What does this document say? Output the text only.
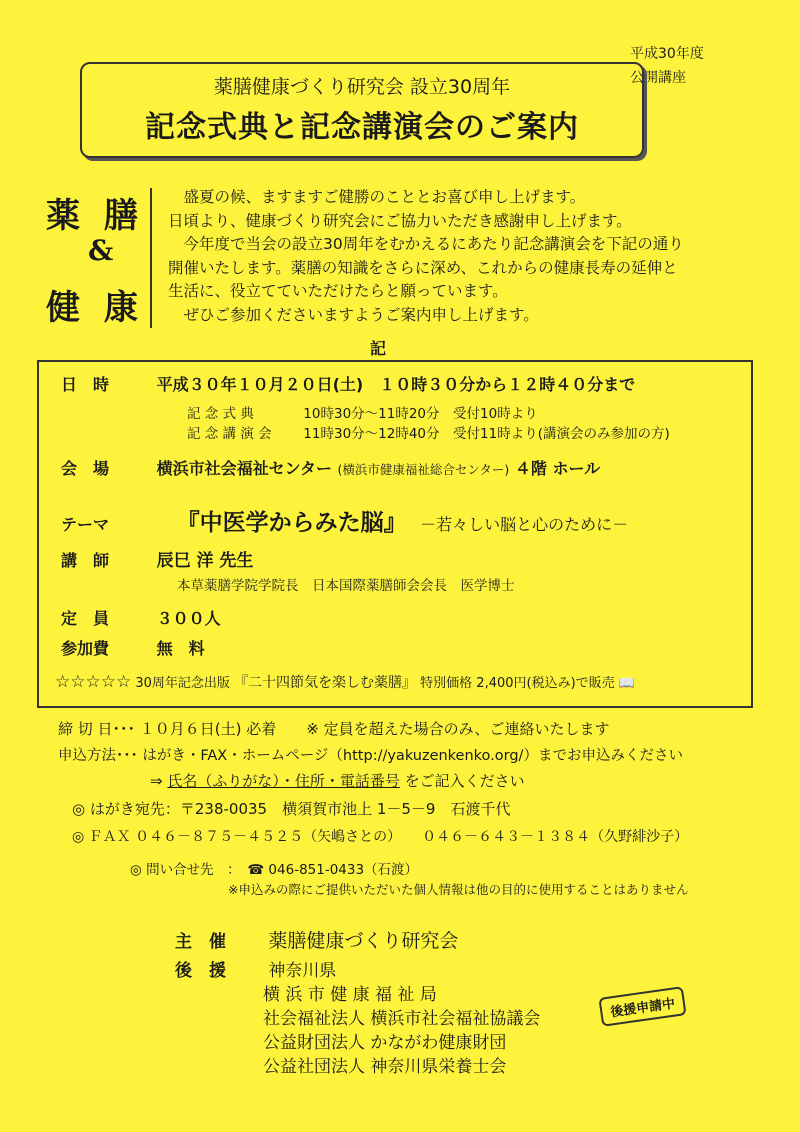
平成30年度
公開講座
薬膳健康づくり研究会 設立30周年
記念式典と記念講演会のご案内
薬 膳
&
健 康
　盛夏の候、ますますご健勝のこととお喜び申し上げます。
日頃より、健康づくり研究会にご協力いただき感謝申し上げます。
　今年度で当会の設立30周年をむかえるにあたり記念講演会を下記の通り
開催いたします。薬膳の知識をさらに深め、これからの健康長寿の延伸と
生活に、役立てていただけたらと願っています。
　ぜひご参加くださいますようご案内申し上げます。
記
日　時	平成３０年１０月２０日(土)　１０時３０分から１２時４０分まで
記 念 式 典	10時30分～11時20分　受付10時より
記 念 講 演 会 11時30分～12時40分　受付11時より(講演会のみ参加の方)
会　場	横浜市社会福祉センター (横浜市健康福祉総合センター) ４階 ホール
テーマ	『中医学からみた脳』 －若々しい脳と心のために－
講　師	辰巳 洋 先生
本草薬膳学院学院長　日本国際薬膳師会会長　医学博士
定　員	３００人
参加費	無　料
☆☆☆☆☆ 30周年記念出版 『二十四節気を楽しむ薬膳』 特別価格 2,400円(税込み)で販売 📖
締 切 日･･･ １０月６日(土) 必着　　※ 定員を超えた場合のみ、ご連絡いたします
申込方法･･･ はがき・FAX・ホームページ（http://yakuzenkenko.org/）までお申込みください
⇒ 氏名（ふりがな）・住所・電話番号 をご記入ください
◎ はがき宛先：〒238-0035　横須賀市池上 1－5－9　石渡千代
◎ ＦＡＸ ０４６－８７５－４５２５（矢嶋さとの）　　０４６－６４３－１３８４（久野緋沙子）
◎ 問い合せ先　：　☎ 046-851-0433（石渡）
※申込みの際にご提供いただいた個人情報は他の目的に使用することはありません
主　催 薬膳健康づくり研究会
後　援 神奈川県
横 浜 市 健 康 福 祉 局
社会福祉法人 横浜市社会福祉協議会
公益財団法人 かながわ健康財団
公益社団法人 神奈川県栄養士会
後援申請中
